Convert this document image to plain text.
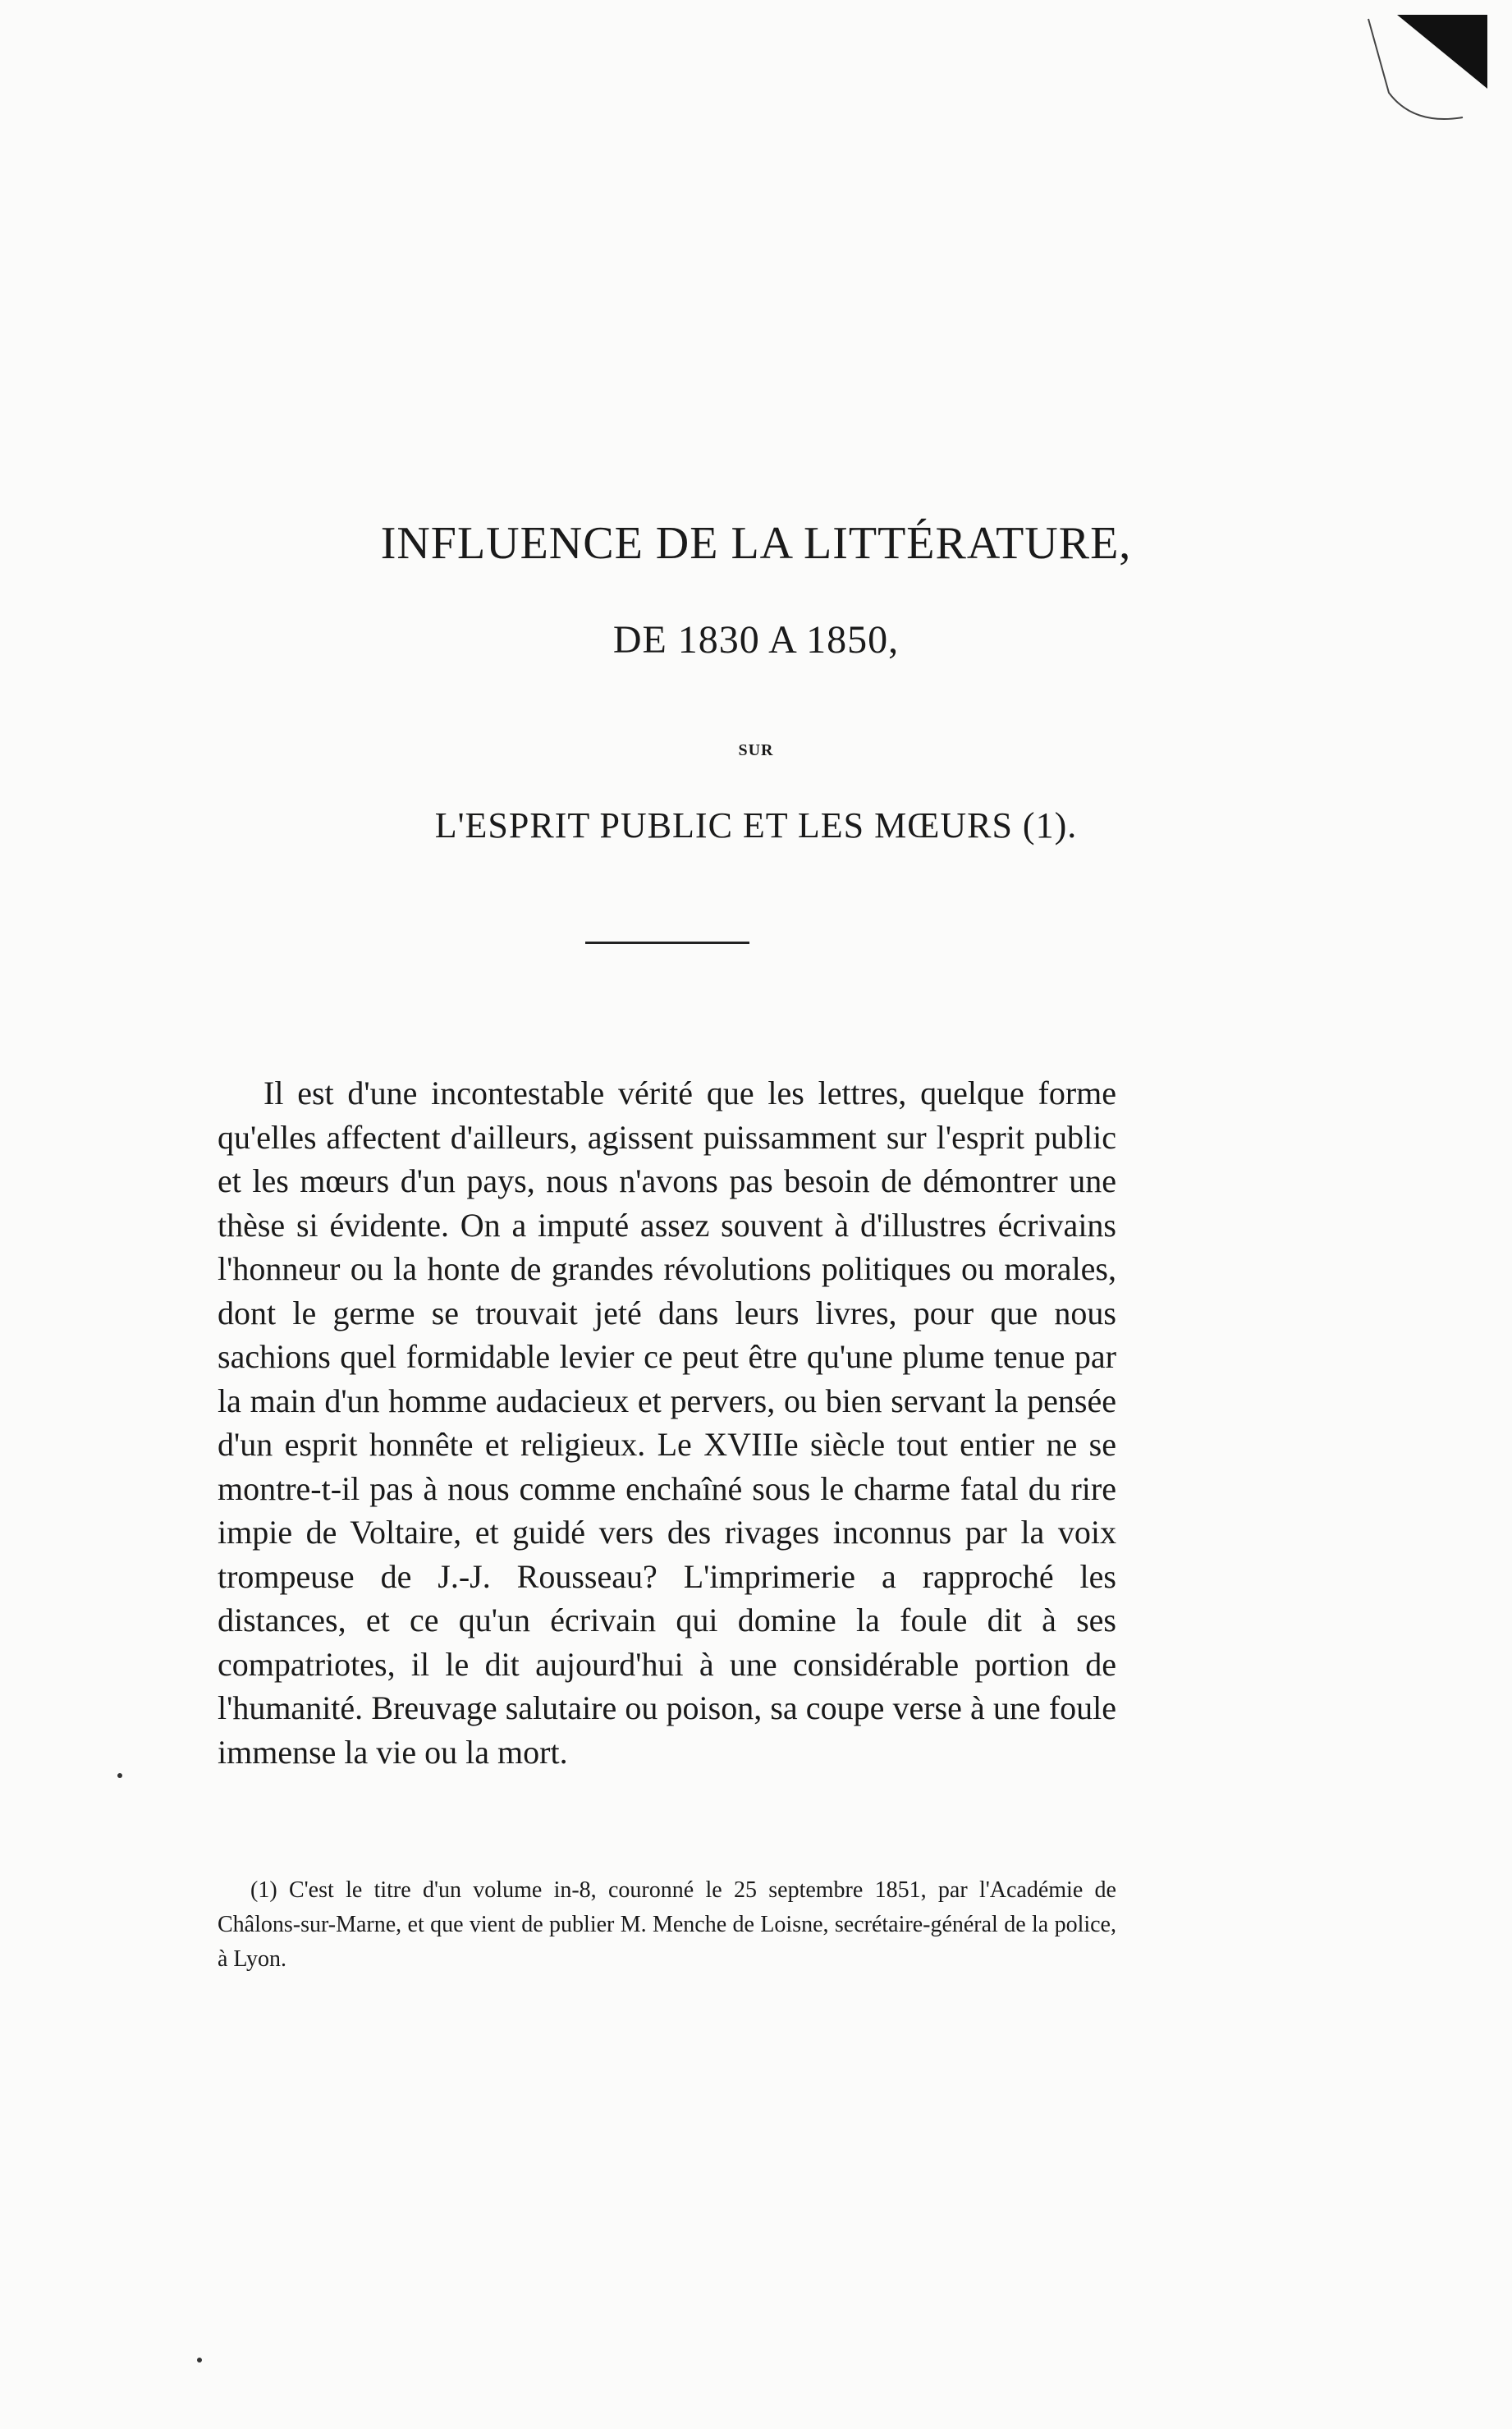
INFLUENCE DE LA LITTÉRATURE,
DE 1830 A 1850,
SUR
L'ESPRIT PUBLIC ET LES MŒURS (1).

Il est d'une incontestable vérité que les lettres, quelque forme qu'elles affectent d'ailleurs, agissent puissamment sur l'esprit public et les mœurs d'un pays, nous n'avons pas besoin de démontrer une thèse si évidente. On a imputé assez souvent à d'illustres écrivains l'honneur ou la honte de grandes révolutions politiques ou morales, dont le germe se trouvait jeté dans leurs livres, pour que nous sachions quel formidable levier ce peut être qu'une plume tenue par la main d'un homme audacieux et pervers, ou bien servant la pensée d'un esprit honnête et religieux. Le XVIIIe siècle tout entier ne se montre-t-il pas à nous comme enchaîné sous le charme fatal du rire impie de Voltaire, et guidé vers des rivages inconnus par la voix trompeuse de J.-J. Rousseau? L'imprimerie a rapproché les distances, et ce qu'un écrivain qui domine la foule dit à ses compatriotes, il le dit aujourd'hui à une considérable portion de l'humanité. Breuvage salutaire ou poison, sa coupe verse à une foule immense la vie ou la mort.

(1) C'est le titre d'un volume in-8, couronné le 25 septembre 1851, par l'Académie de Châlons-sur-Marne, et que vient de publier M. Menche de Loisne, secrétaire-général de la police, à Lyon.
